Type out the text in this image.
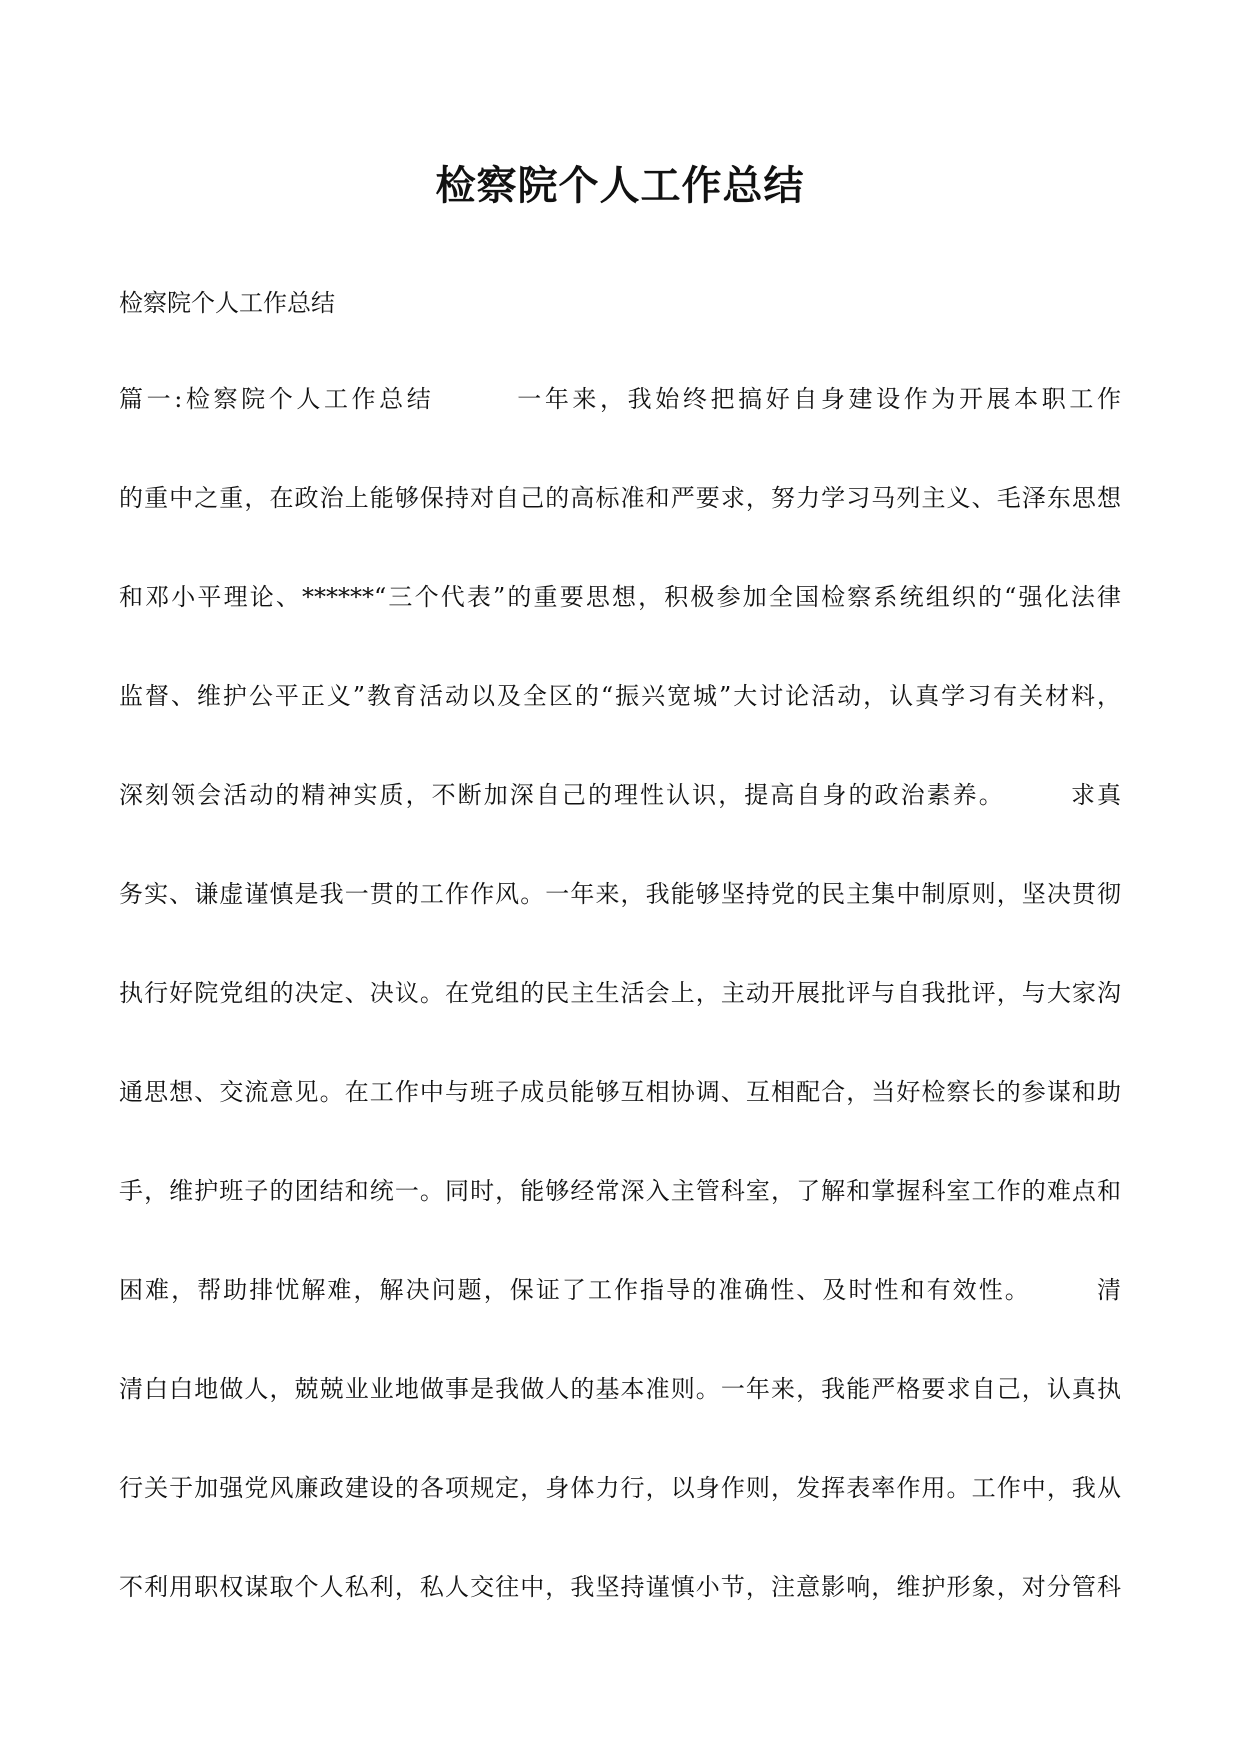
检察院个人工作总结

检察院个人工作总结

篇一:检察院个人工作总结　　　一年来，我始终把搞好自身建设作为开展本职工作
的重中之重，在政治上能够保持对自己的高标准和严要求，努力学习马列主义、毛泽东思想
和邓小平理论、******“三个代表”的重要思想，积极参加全国检察系统组织的“强化法律
监督、维护公平正义”教育活动以及全区的“振兴宽城”大讨论活动，认真学习有关材料，
深刻领会活动的精神实质，不断加深自己的理性认识，提高自身的政治素养。　　　求真
务实、谦虚谨慎是我一贯的工作作风。一年来，我能够坚持党的民主集中制原则，坚决贯彻
执行好院党组的决定、决议。在党组的民主生活会上，主动开展批评与自我批评，与大家沟
通思想、交流意见。在工作中与班子成员能够互相协调、互相配合，当好检察长的参谋和助
手，维护班子的团结和统一。同时，能够经常深入主管科室，了解和掌握科室工作的难点和
困难，帮助排忧解难，解决问题，保证了工作指导的准确性、及时性和有效性。　　　清
清白白地做人，兢兢业业地做事是我做人的基本准则。一年来，我能严格要求自己，认真执
行关于加强党风廉政建设的各项规定，身体力行，以身作则，发挥表率作用。工作中，我从
不利用职权谋取个人私利，私人交往中，我坚持谨慎小节，注意影响，维护形象，对分管科
